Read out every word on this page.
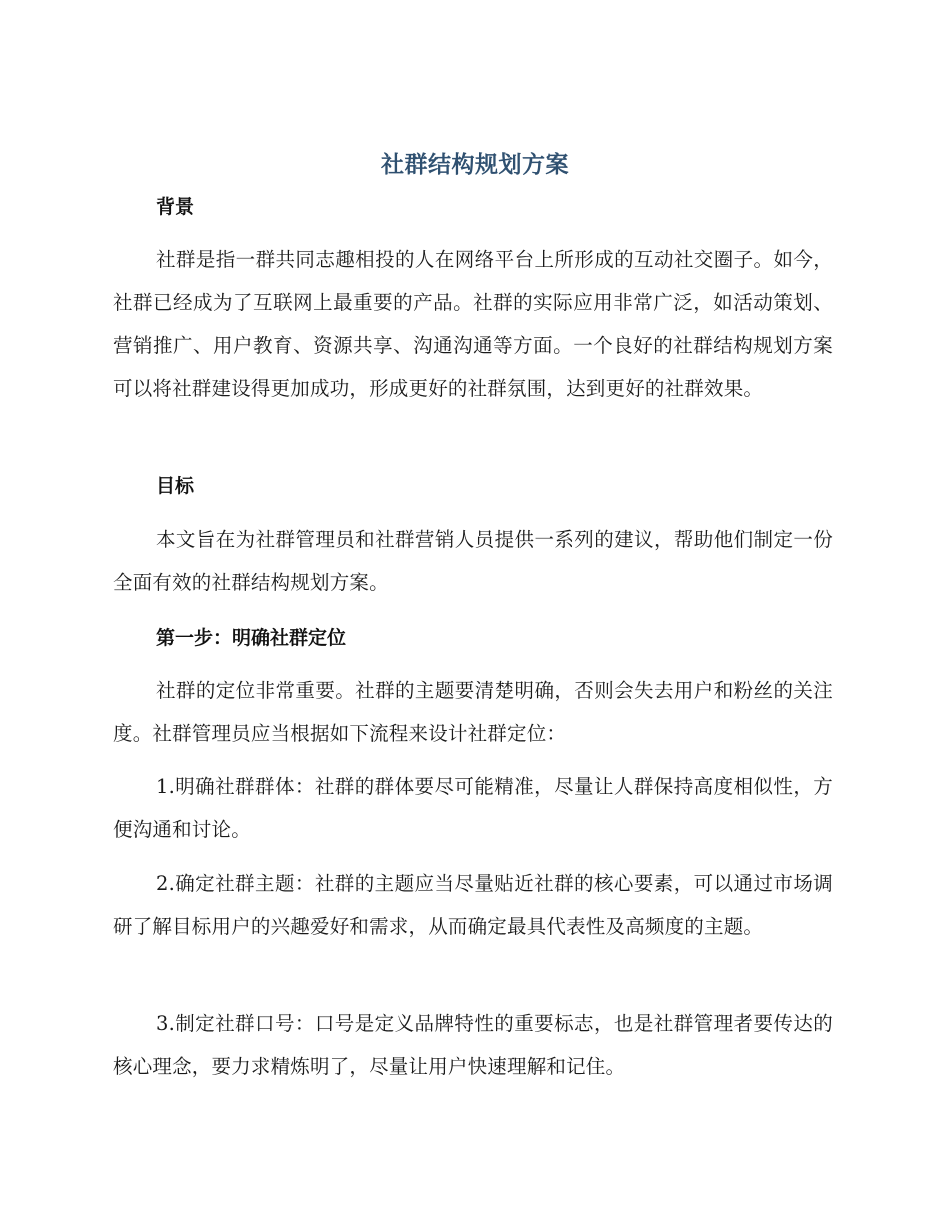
社群结构规划方案
背景

社群是指一群共同志趣相投的人在网络平台上所形成的互动社交圈子。如今，社群已经成为了互联网上最重要的产品。社群的实际应用非常广泛，如活动策划、营销推广、用户教育、资源共享、沟通沟通等方面。一个良好的社群结构规划方案可以将社群建设得更加成功，形成更好的社群氛围，达到更好的社群效果。

目标

本文旨在为社群管理员和社群营销人员提供一系列的建议，帮助他们制定一份全面有效的社群结构规划方案。

第一步：明确社群定位

社群的定位非常重要。社群的主题要清楚明确，否则会失去用户和粉丝的关注度。社群管理员应当根据如下流程来设计社群定位：

1.明确社群群体：社群的群体要尽可能精准，尽量让人群保持高度相似性，方便沟通和讨论。

2.确定社群主题：社群的主题应当尽量贴近社群的核心要素，可以通过市场调研了解目标用户的兴趣爱好和需求，从而确定最具代表性及高频度的主题。

3.制定社群口号：口号是定义品牌特性的重要标志，也是社群管理者要传达的核心理念，要力求精炼明了，尽量让用户快速理解和记住。
